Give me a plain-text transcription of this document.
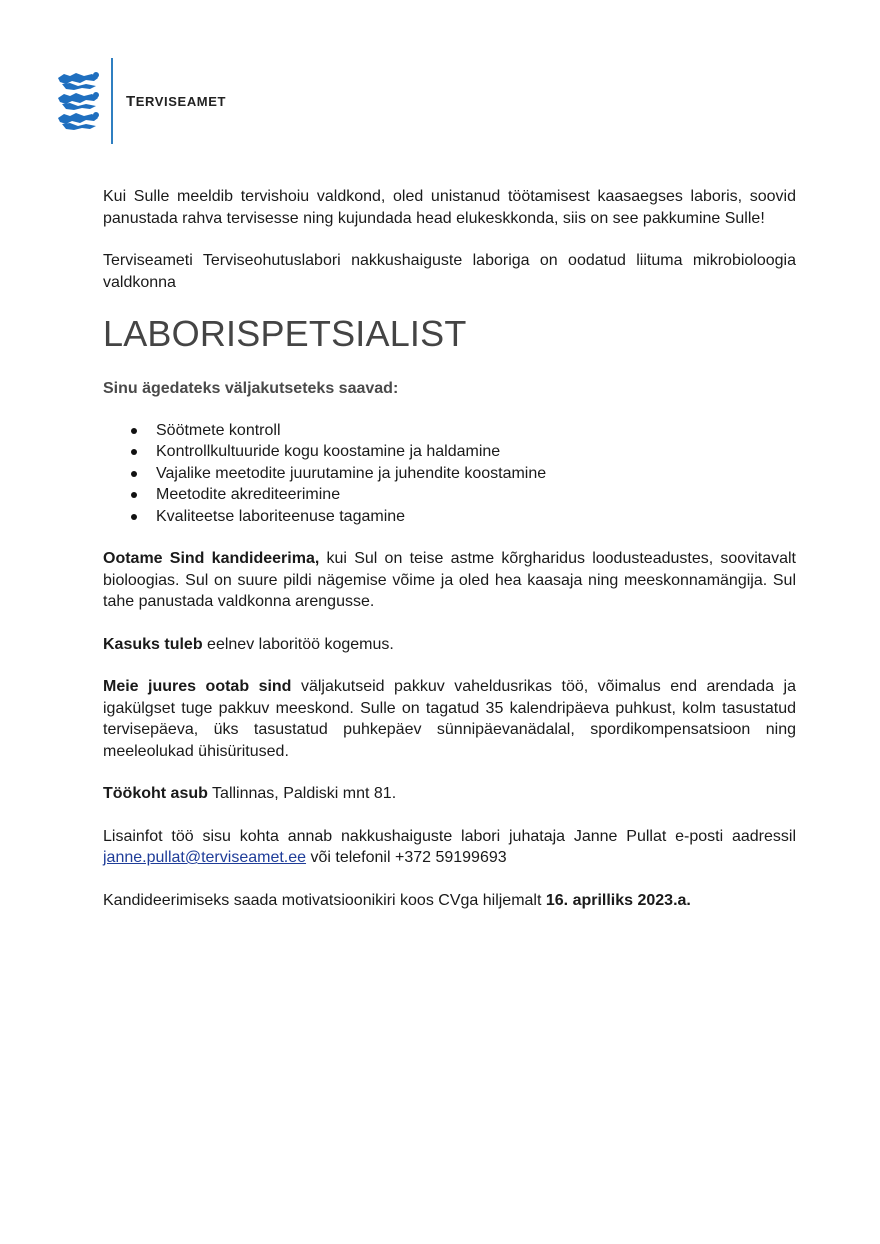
TERVISEAMET

Kui Sulle meeldib tervishoiu valdkond, oled unistanud töötamisest kaasaegses laboris, soovid panustada rahva tervisesse ning kujundada head elukeskkonda, siis on see pakkumine Sulle!

Terviseameti Terviseohutuslabori nakkushaiguste laboriga on oodatud liituma mikrobioloogia valdkonna

LABORISPETSIALIST

Sinu ägedateks väljakutseteks saavad:

Söötmete kontroll
Kontrollkultuuride kogu koostamine ja haldamine
Vajalike meetodite juurutamine ja juhendite koostamine
Meetodite akrediteerimine
Kvaliteetse laboriteenuse tagamine

Ootame Sind kandideerima, kui Sul on teise astme kõrgharidus loodusteadustes, soovitavalt bioloogias. Sul on suure pildi nägemise võime ja oled hea kaasaja ning meeskonnamängija. Sul tahe panustada valdkonna arengusse.

Kasuks tuleb eelnev laboritöö kogemus.

Meie juures ootab sind väljakutseid pakkuv vaheldusrikas töö, võimalus end arendada ja igakülgset tuge pakkuv meeskond. Sulle on tagatud 35 kalendripäeva puhkust, kolm tasustatud tervisepäeva, üks tasustatud puhkepäev sünnipäevanädalal, spordikompensatsioon ning meeleolukad ühisüritused.

Töökoht asub Tallinnas, Paldiski mnt 81.

Lisainfot töö sisu kohta annab nakkushaiguste labori juhataja Janne Pullat e-posti aadressil janne.pullat@terviseamet.ee või telefonil +372 59199693

Kandideerimiseks saada motivatsioonikiri koos CVga hiljemalt 16. aprilliks 2023.a.
